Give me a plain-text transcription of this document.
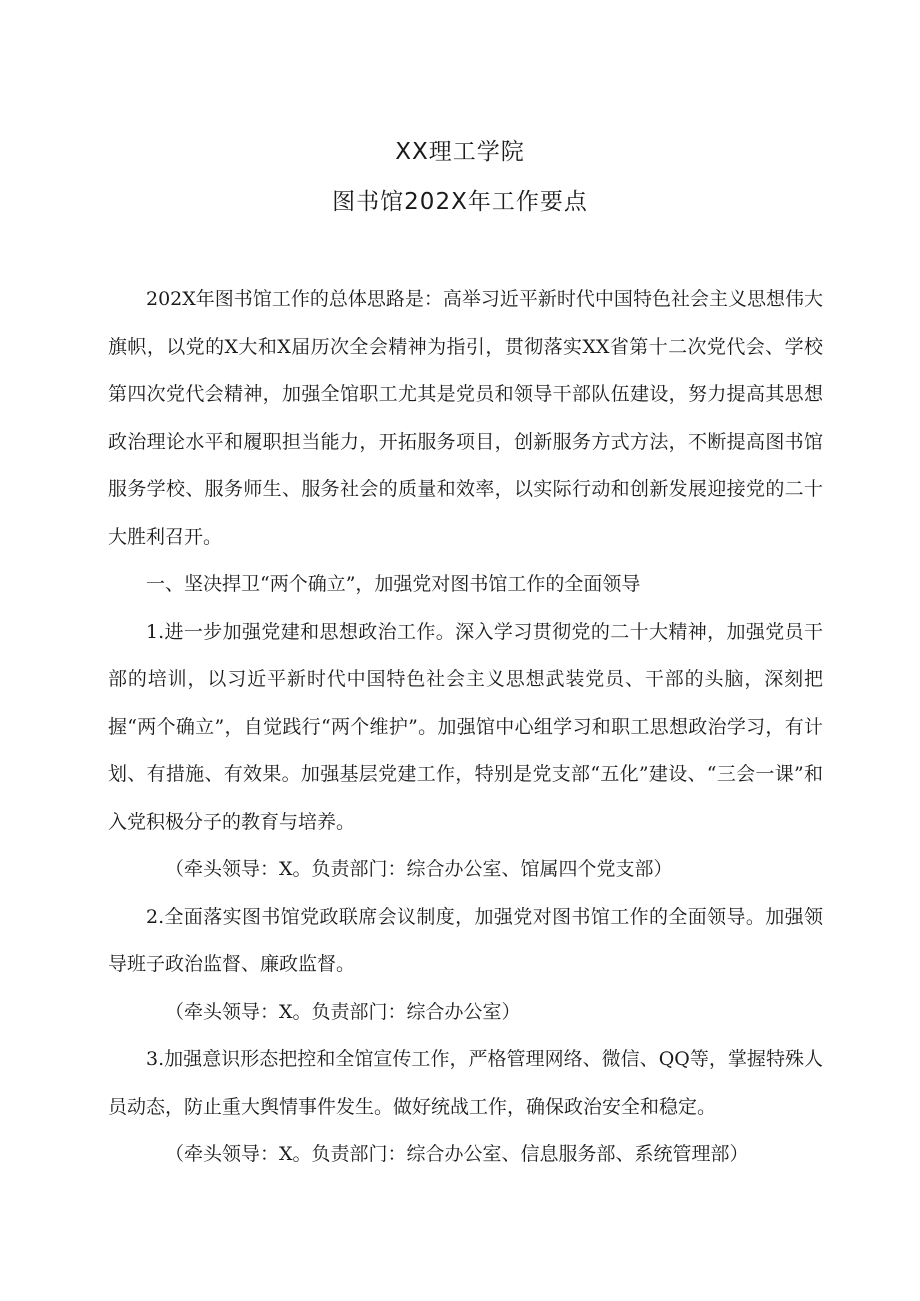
XX理工学院
图书馆202X年工作要点

202X年图书馆工作的总体思路是：高举习近平新时代中国特色社会主义思想伟大旗帜，以党的X大和X届历次全会精神为指引，贯彻落实XX省第十二次党代会、学校第四次党代会精神，加强全馆职工尤其是党员和领导干部队伍建设，努力提高其思想政治理论水平和履职担当能力，开拓服务项目，创新服务方式方法，不断提高图书馆服务学校、服务师生、服务社会的质量和效率，以实际行动和创新发展迎接党的二十大胜利召开。

一、坚决捍卫“两个确立”，加强党对图书馆工作的全面领导

1.进一步加强党建和思想政治工作。深入学习贯彻党的二十大精神，加强党员干部的培训，以习近平新时代中国特色社会主义思想武装党员、干部的头脑，深刻把握“两个确立”，自觉践行“两个维护”。加强馆中心组学习和职工思想政治学习，有计划、有措施、有效果。加强基层党建工作，特别是党支部“五化”建设、“三会一课”和入党积极分子的教育与培养。

（牵头领导：X。负责部门：综合办公室、馆属四个党支部）

2.全面落实图书馆党政联席会议制度，加强党对图书馆工作的全面领导。加强领导班子政治监督、廉政监督。

（牵头领导：X。负责部门：综合办公室）

3.加强意识形态把控和全馆宣传工作，严格管理网络、微信、QQ等，掌握特殊人员动态，防止重大舆情事件发生。做好统战工作，确保政治安全和稳定。

（牵头领导：X。负责部门：综合办公室、信息服务部、系统管理部）
